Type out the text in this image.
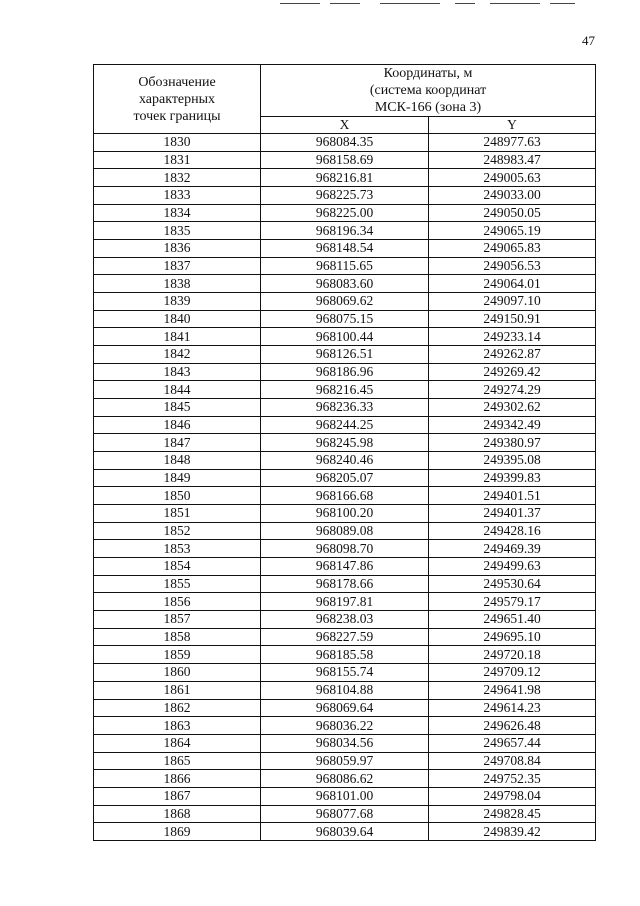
47
Обозначение
характерных
точек границы	Координаты, м
(система координат
МСК-166 (зона 3)	

	X	Y
1830	968084.35	248977.63
1831	968158.69	248983.47
1832	968216.81	249005.63
1833	968225.73	249033.00
1834	968225.00	249050.05
1835	968196.34	249065.19
1836	968148.54	249065.83
1837	968115.65	249056.53
1838	968083.60	249064.01
1839	968069.62	249097.10
1840	968075.15	249150.91
1841	968100.44	249233.14
1842	968126.51	249262.87
1843	968186.96	249269.42
1844	968216.45	249274.29
1845	968236.33	249302.62
1846	968244.25	249342.49
1847	968245.98	249380.97
1848	968240.46	249395.08
1849	968205.07	249399.83
1850	968166.68	249401.51
1851	968100.20	249401.37
1852	968089.08	249428.16
1853	968098.70	249469.39
1854	968147.86	249499.63
1855	968178.66	249530.64
1856	968197.81	249579.17
1857	968238.03	249651.40
1858	968227.59	249695.10
1859	968185.58	249720.18
1860	968155.74	249709.12
1861	968104.88	249641.98
1862	968069.64	249614.23
1863	968036.22	249626.48
1864	968034.56	249657.44
1865	968059.97	249708.84
1866	968086.62	249752.35
1867	968101.00	249798.04
1868	968077.68	249828.45
1869	968039.64	249839.42
